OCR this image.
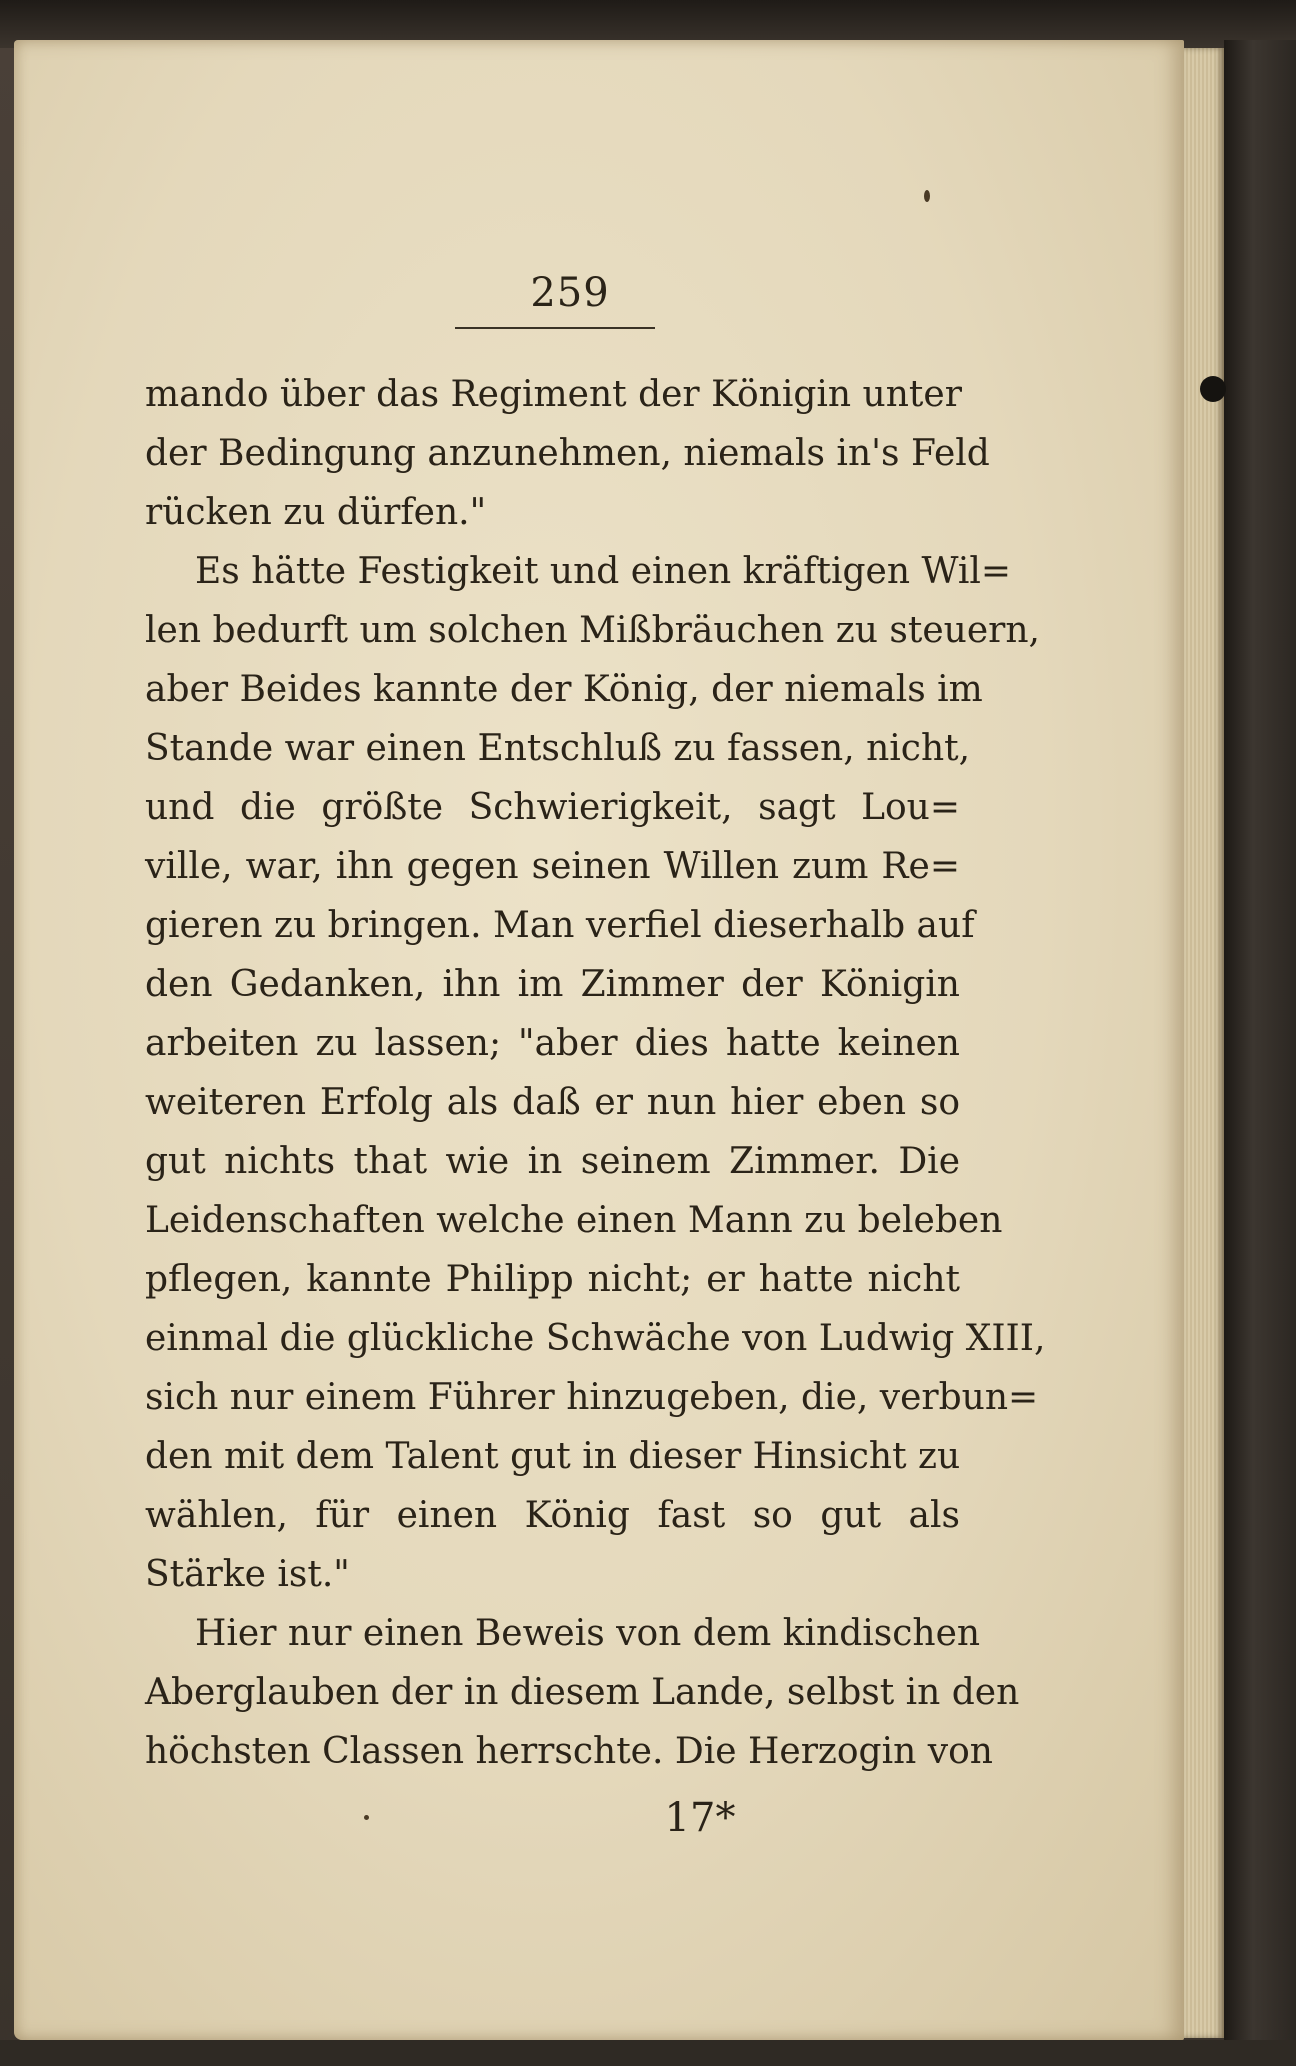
259
mando über das Regiment der Königin unter
der Bedingung anzunehmen, niemals in's Feld
rücken zu dürfen."
Es hätte Festigkeit und einen kräftigen Wil=
len bedurft um solchen Mißbräuchen zu steuern,
aber Beides kannte der König, der niemals im
Stande war einen Entschluß zu fassen, nicht,
und die größte Schwierigkeit, sagt Lou=
ville, war, ihn gegen seinen Willen zum Re=
gieren zu bringen. Man verfiel dieserhalb auf
den Gedanken, ihn im Zimmer der Königin
arbeiten zu lassen; "aber dies hatte keinen
weiteren Erfolg als daß er nun hier eben so
gut nichts that wie in seinem Zimmer. Die
Leidenschaften welche einen Mann zu beleben
pflegen, kannte Philipp nicht; er hatte nicht
einmal die glückliche Schwäche von Ludwig XIII,
sich nur einem Führer hinzugeben, die, verbun=
den mit dem Talent gut in dieser Hinsicht zu
wählen, für einen König fast so gut als
Stärke ist."
Hier nur einen Beweis von dem kindischen
Aberglauben der in diesem Lande, selbst in den
höchsten Classen herrschte. Die Herzogin von
17*
